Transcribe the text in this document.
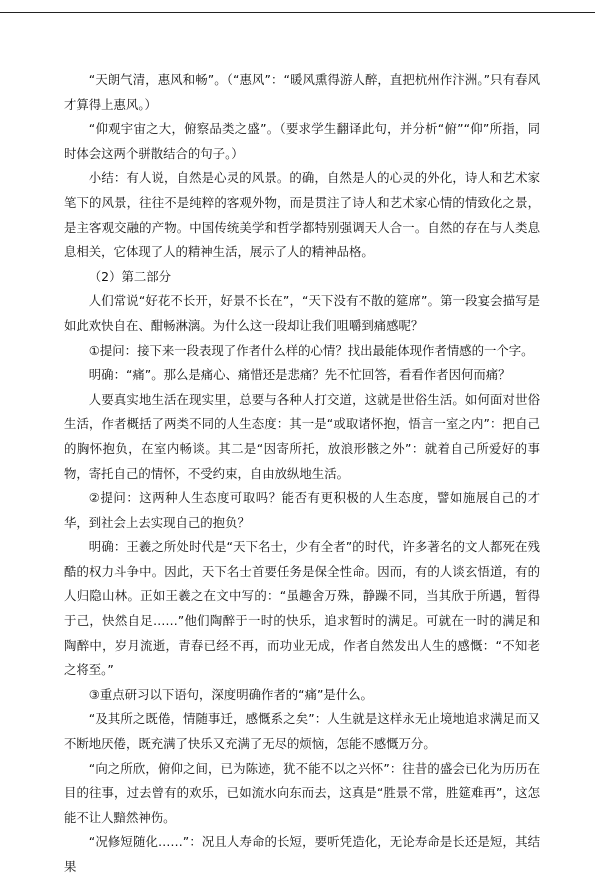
“天朗气清，惠风和畅”。（“惠风”：“暖风熏得游人醉，直把杭州作汴洲。”只有春风才算得上惠风。）

“仰观宇宙之大，俯察品类之盛”。（要求学生翻译此句，并分析“俯”“仰”所指，同时体会这两个骈散结合的句子。）

小结：有人说，自然是心灵的风景。的确，自然是人的心灵的外化，诗人和艺术家笔下的风景，往往不是纯粹的客观外物，而是贯注了诗人和艺术家心情的情致化之景，是主客观交融的产物。中国传统美学和哲学都特别强调天人合一。自然的存在与人类息息相关，它体现了人的精神生活，展示了人的精神品格。

（2）第二部分

人们常说“好花不长开，好景不长在”，“天下没有不散的筵席”。第一段宴会描写是如此欢快自在、酣畅淋漓。为什么这一段却让我们咀嚼到痛感呢？

①提问：接下来一段表现了作者什么样的心情？找出最能体现作者情感的一个字。

明确：“痛”。那么是痛心、痛惜还是悲痛？先不忙回答，看看作者因何而痛？

人要真实地生活在现实里，总要与各种人打交道，这就是世俗生活。如何面对世俗生活，作者概括了两类不同的人生态度：其一是“或取诸怀抱，悟言一室之内”：把自己的胸怀抱负，在室内畅谈。其二是“因寄所托，放浪形骸之外”：就着自己所爱好的事物，寄托自己的情怀，不受约束，自由放纵地生活。

②提问：这两种人生态度可取吗？能否有更积极的人生态度，譬如施展自己的才华，到社会上去实现自己的抱负？

明确：王羲之所处时代是“天下名士，少有全者”的时代，许多著名的文人都死在残酷的权力斗争中。因此，天下名士首要任务是保全性命。因而，有的人谈玄悟道，有的人归隐山林。正如王羲之在文中写的：“虽趣舍万殊，静躁不同，当其欣于所遇，暂得于己，快然自足……”他们陶醉于一时的快乐，追求暂时的满足。可就在一时的满足和陶醉中，岁月流逝，青春已经不再，而功业无成，作者自然发出人生的感慨：“不知老之将至。”

③重点研习以下语句，深度明确作者的“痛”是什么。

“及其所之既倦，情随事迁，感慨系之矣”：人生就是这样永无止境地追求满足而又不断地厌倦，既充满了快乐又充满了无尽的烦恼，怎能不感慨万分。

“向之所欣，俯仰之间，已为陈迹，犹不能不以之兴怀”：往昔的盛会已化为历历在目的往事，过去曾有的欢乐，已如流水向东而去，这真是“胜景不常，胜筵难再”，这怎能不让人黯然神伤。

“况修短随化……”：况且人寿命的长短，要听凭造化，无论寿命是长还是短，其结果
